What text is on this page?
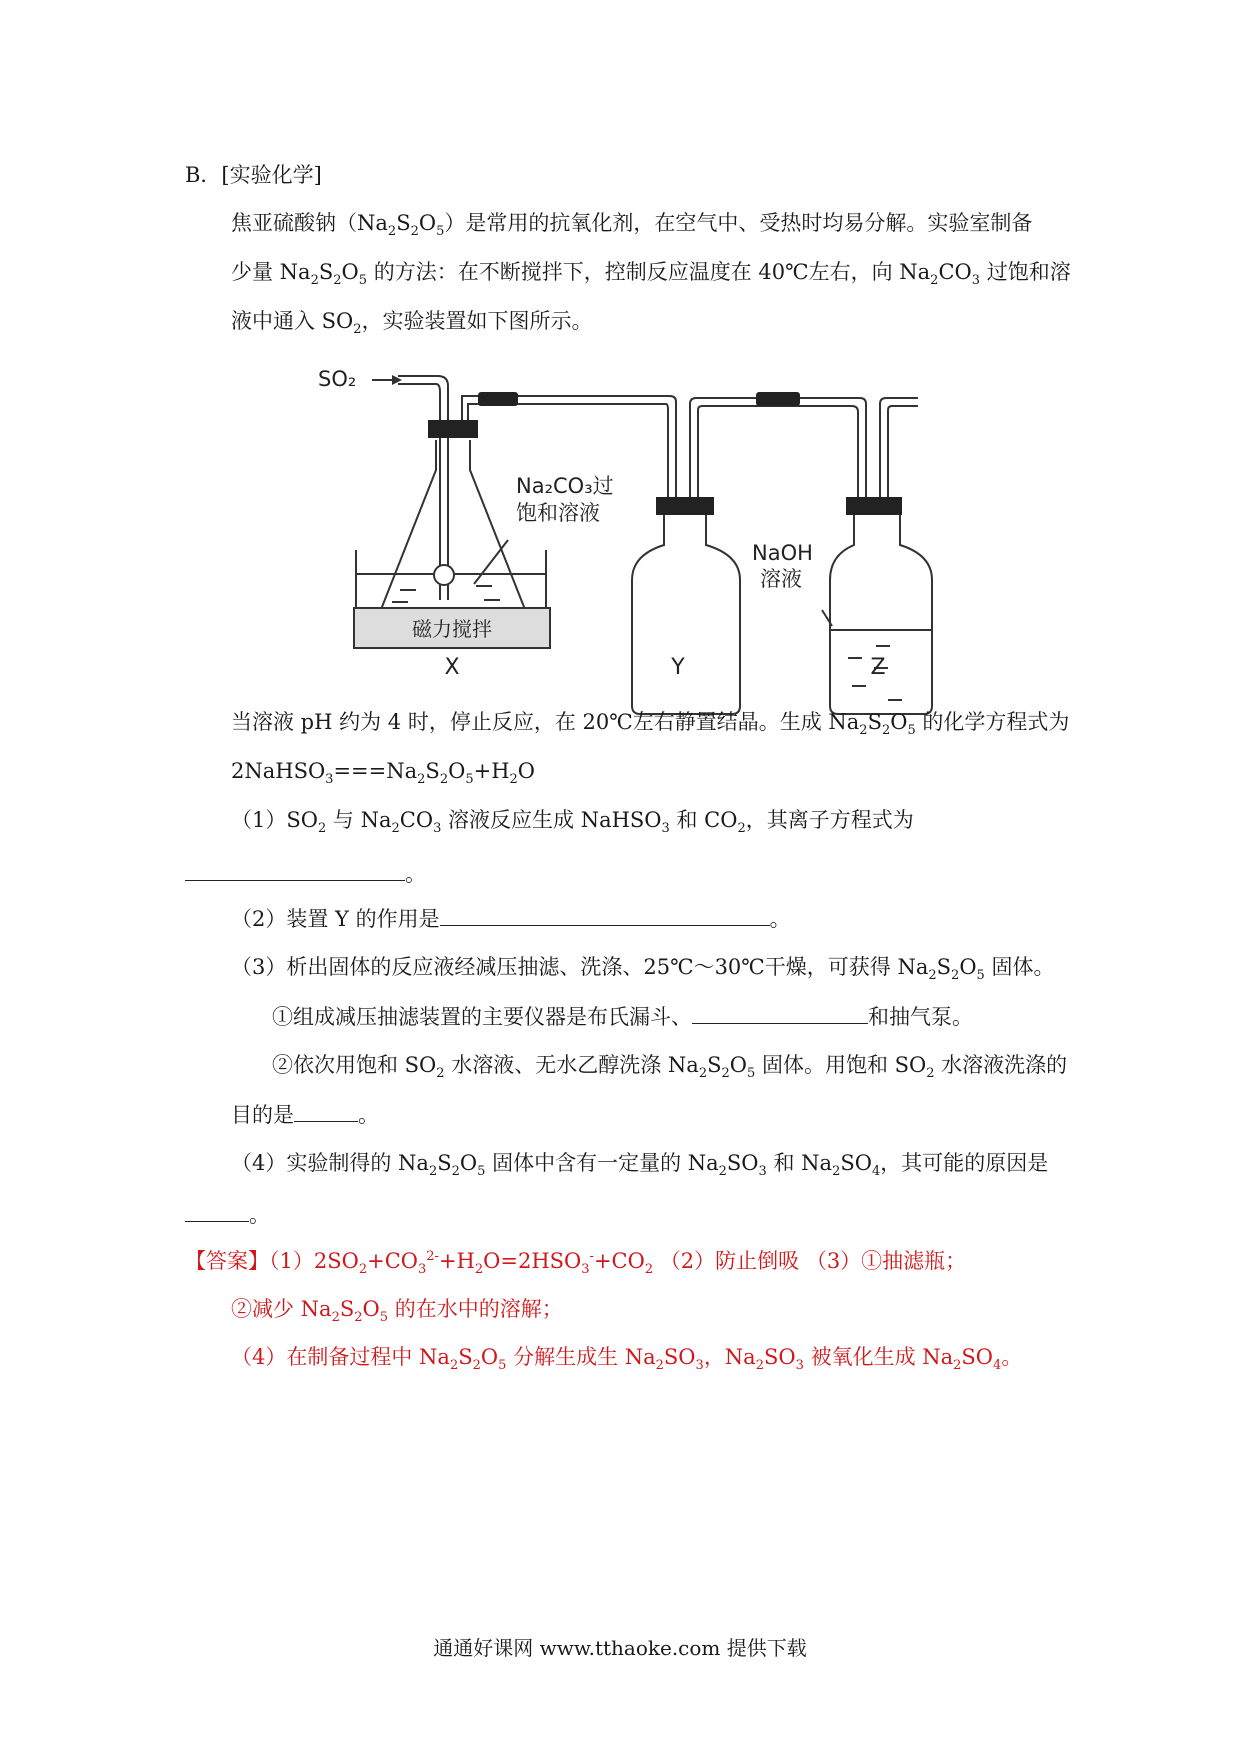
B．[实验化学]
焦亚硫酸钠$(Na_2S_2O_5)$是常用的抗氧化剂，在空气中、受热时均易分解。实验室制备
少量 $Na_2S_2O_5$ 的方法：在不断搅拌下，控制反应温度在 40℃左右，向 $Na_2CO_3$ 过饱和溶
液中通入 $SO_2$，实验装置如下图所示。
SO₂
Na₂CO₃过
饱和溶液
磁力搅拌
NaOH
溶液
X	Y	Z
当溶液 pH 约为 4 时，停止反应，在 20℃左右静置结晶。生成 $Na_2S_2O_5$ 的化学方程式为
$2NaHSO_3===Na_2S_2O_5+H_2O$
$(1)SO_2$ 与 $Na_2CO_3$ 溶液反应生成 NaHSO$_3$ 和 $CO_2$，其离子方程式为
。
（2）装置 Y 的作用是	。
（3）析出固体的反应液经减压抽滤、洗涤、25℃～30℃干燥，可获得 $Na_2S_2O_5$ 固体。
①组成减压抽滤装置的主要仪器是布氏漏斗、	和抽气泵。
②依次用饱和 $SO_2$ 水溶液、无水乙醇洗涤 $Na_2S_2O_5$ 固体。用饱和 $SO_2$ 水溶液洗涤的
目的是	。
（4）实验制得的 $Na_2S_2O_5$ 固体中含有一定量的 $Na_2SO_3$ 和 $Na_2SO_4$，其可能的原因是
。
【答案】$(1)2SO_2+CO_3^{2-}+H_2O=2HSO_3^-+CO_2$ （2）防止倒吸 （3）①抽滤瓶；
②减少 $Na_2S_2O_5$ 的在水中的溶解；
（4）在制备过程中 $Na_2S_2O_5$ 分解生成生 $Na_2SO_3$，$Na_2SO_3$ 被氧化生成 $Na_2SO_4$。
通通好课网 www.tthaoke.com 提供下载
